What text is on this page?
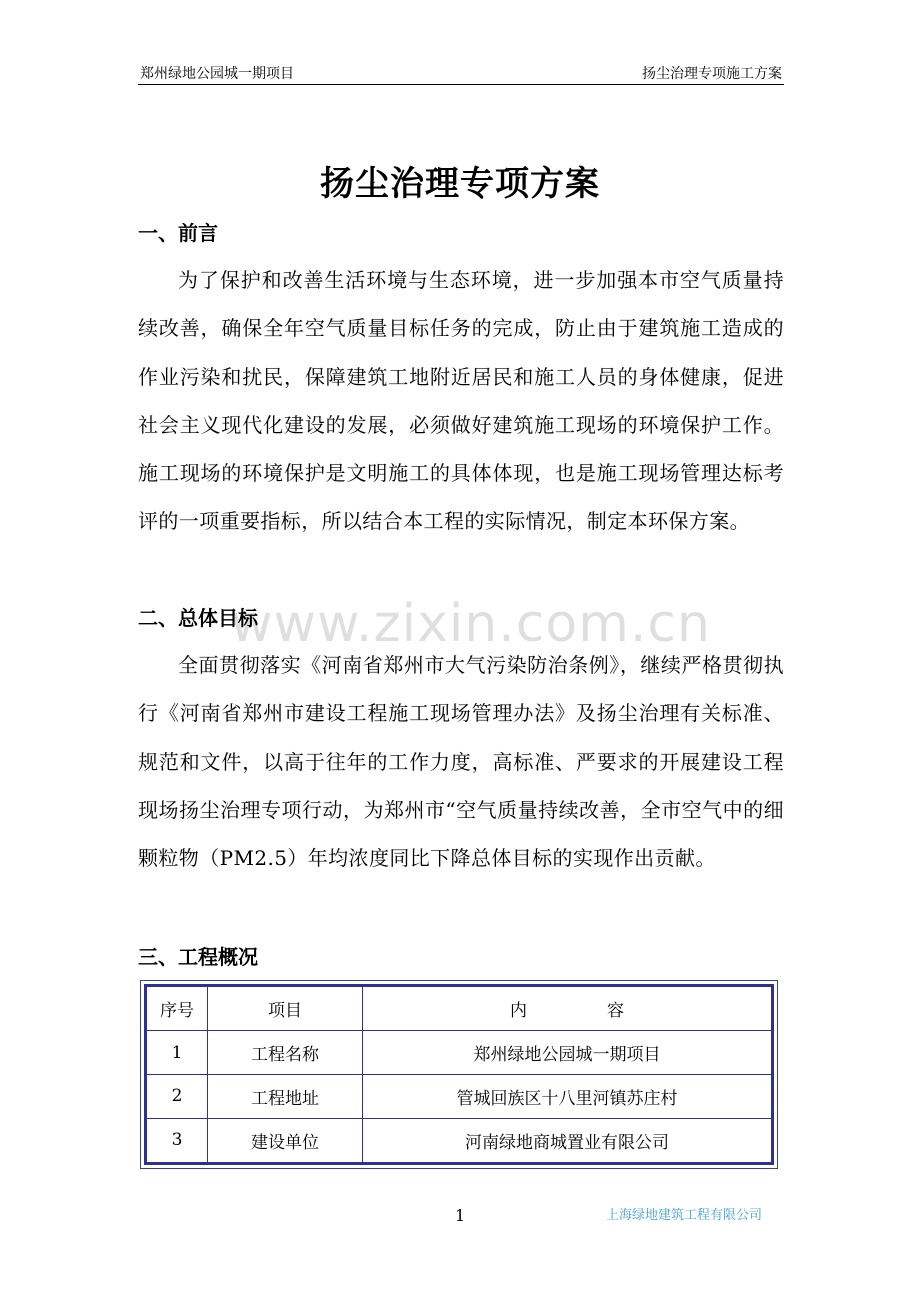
郑州绿地公园城一期项目	扬尘治理专项施工方案
扬尘治理专项方案
一、前言

为了保护和改善生活环境与生态环境，进一步加强本市空气质量持续改善，确保全年空气质量目标任务的完成，防止由于建筑施工造成的作业污染和扰民，保障建筑工地附近居民和施工人员的身体健康，促进社会主义现代化建设的发展，必须做好建筑施工现场的环境保护工作。施工现场的环境保护是文明施工的具体体现，也是施工现场管理达标考评的一项重要指标，所以结合本工程的实际情况，制定本环保方案。

二、总体目标

全面贯彻落实《河南省郑州市大气污染防治条例》，继续严格贯彻执行《河南省郑州市建设工程施工现场管理办法》及扬尘治理有关标准、规范和文件，以高于往年的工作力度，高标准、严要求的开展建设工程现场扬尘治理专项行动，为郑州市“空气质量持续改善，全市空气中的细颗粒物（PM2.5）年均浓度同比下降总体目标的实现作出贡献。

三、工程概况
www.zixin.com.cn
序号	项目	内 容
1	工程名称	郑州绿地公园城一期项目
2	工程地址	管城回族区十八里河镇苏庄村
3	建设单位	河南绿地商城置业有限公司
1	上海绿地建筑工程有限公司
